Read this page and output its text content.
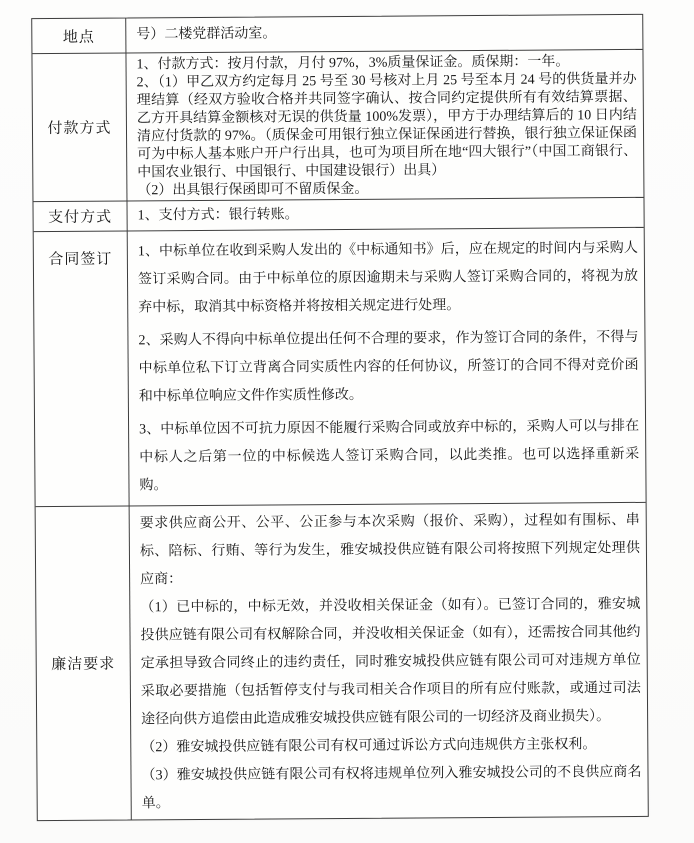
地点	号）二楼党群活动室。

付款方式

1、付款方式：按月付款，月付 97%，3%质量保证金。质保期：一年。

2、（1）甲乙双方约定每月 25 号至 30 号核对上月 25 号至本月 24 号的供货量并办理结算（经双方验收合格并共同签字确认、按合同约定提供所有有效结算票据、乙方开具结算金额核对无误的供货量 100%发票），甲方于办理结算后的 10 日内结清应付货款的 97%。（质保金可用银行独立保证保函进行替换，银行独立保证保函可为中标人基本账户开户行出具，也可为项目所在地“四大银行”（中国工商银行、中国农业银行、中国银行、中国建设银行）出具）

（2）出具银行保函即可不留质保金。

支付方式	1、支付方式：银行转账。

合同签订

1、中标单位在收到采购人发出的《中标通知书》后，应在规定的时间内与采购人签订采购合同。由于中标单位的原因逾期未与采购人签订采购合同的，将视为放弃中标，取消其中标资格并将按相关规定进行处理。

2、采购人不得向中标单位提出任何不合理的要求，作为签订合同的条件，不得与中标单位私下订立背离合同实质性内容的任何协议，所签订的合同不得对竞价函和中标单位响应文件作实质性修改。

3、中标单位因不可抗力原因不能履行采购合同或放弃中标的，采购人可以与排在中标人之后第一位的中标候选人签订采购合同，以此类推。也可以选择重新采购。

廉洁要求

要求供应商公开、公平、公正参与本次采购（报价、采购），过程如有围标、串标、陪标、行贿、等行为发生，雅安城投供应链有限公司将按照下列规定处理供应商：

（1）已中标的，中标无效，并没收相关保证金（如有）。已签订合同的，雅安城投供应链有限公司有权解除合同，并没收相关保证金（如有），还需按合同其他约定承担导致合同终止的违约责任，同时雅安城投供应链有限公司可对违规方单位采取必要措施（包括暂停支付与我司相关合作项目的所有应付账款，或通过司法途径向供方追偿由此造成雅安城投供应链有限公司的一切经济及商业损失）。

（2）雅安城投供应链有限公司有权可通过诉讼方式向违规供方主张权利。

（3）雅安城投供应链有限公司有权将违规单位列入雅安城投公司的不良供应商名单。
